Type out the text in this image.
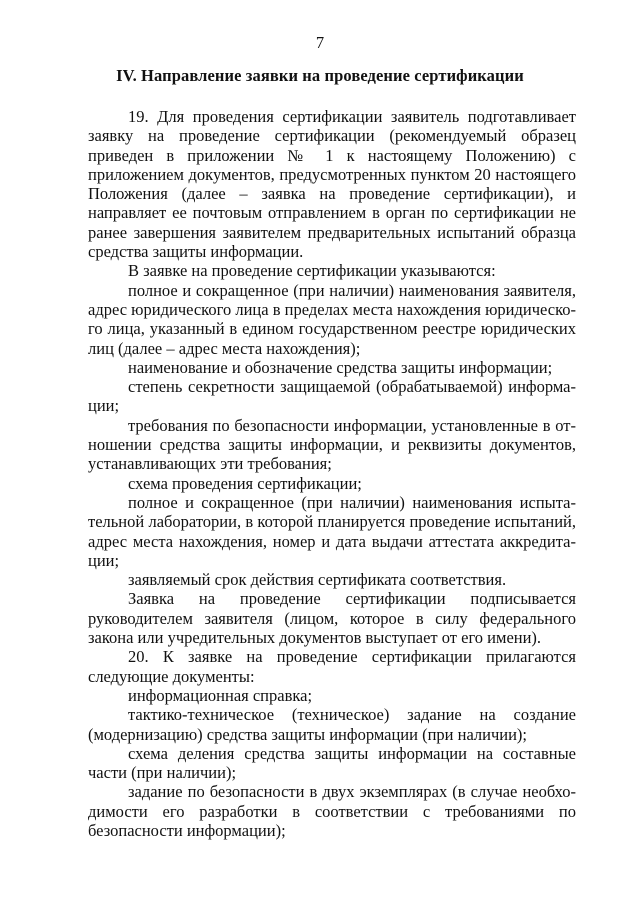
7
IV. Направление заявки на проведение сертификации

19. Для проведения сертификации заявитель подготавливает заявку на проведение сертификации (рекомендуемый образец приведен в приложении № 1 к настоящему Положению) с приложением документов, предусмотренных пунктом 20 настоящего Положения (далее – заявка на проведение сертификации), и направляет ее почтовым отправлением в орган по сертификации не ранее завершения заявителем предварительных испытаний образца средства защиты информации.

В заявке на проведение сертификации указываются:

полное и сокращенное (при наличии) наименования заявителя, адрес юридического лица в пределах места нахождения юридического лица, указанный в едином государственном реестре юридических лиц (далее – адрес места нахождения);

наименование и обозначение средства защиты информации;

степень секретности защищаемой (обрабатываемой) информации;

требования по безопасности информации, установленные в отношении средства защиты информации, и реквизиты документов, устанавливающих эти требования;

схема проведения сертификации;

полное и сокращенное (при наличии) наименования испытательной лаборатории, в которой планируется проведение испытаний, адрес места нахождения, номер и дата выдачи аттестата аккредитации;

заявляемый срок действия сертификата соответствия.

Заявка на проведение сертификации подписывается руководителем заявителя (лицом, которое в силу федерального закона или учредительных документов выступает от его имени).

20. К заявке на проведение сертификации прилагаются следующие документы:

информационная справка;

тактико-техническое (техническое) задание на создание (модернизацию) средства защиты информации (при наличии);

схема деления средства защиты информации на составные части (при наличии);

задание по безопасности в двух экземплярах (в случае необходимости его разработки в соответствии с требованиями по безопасности информации);
